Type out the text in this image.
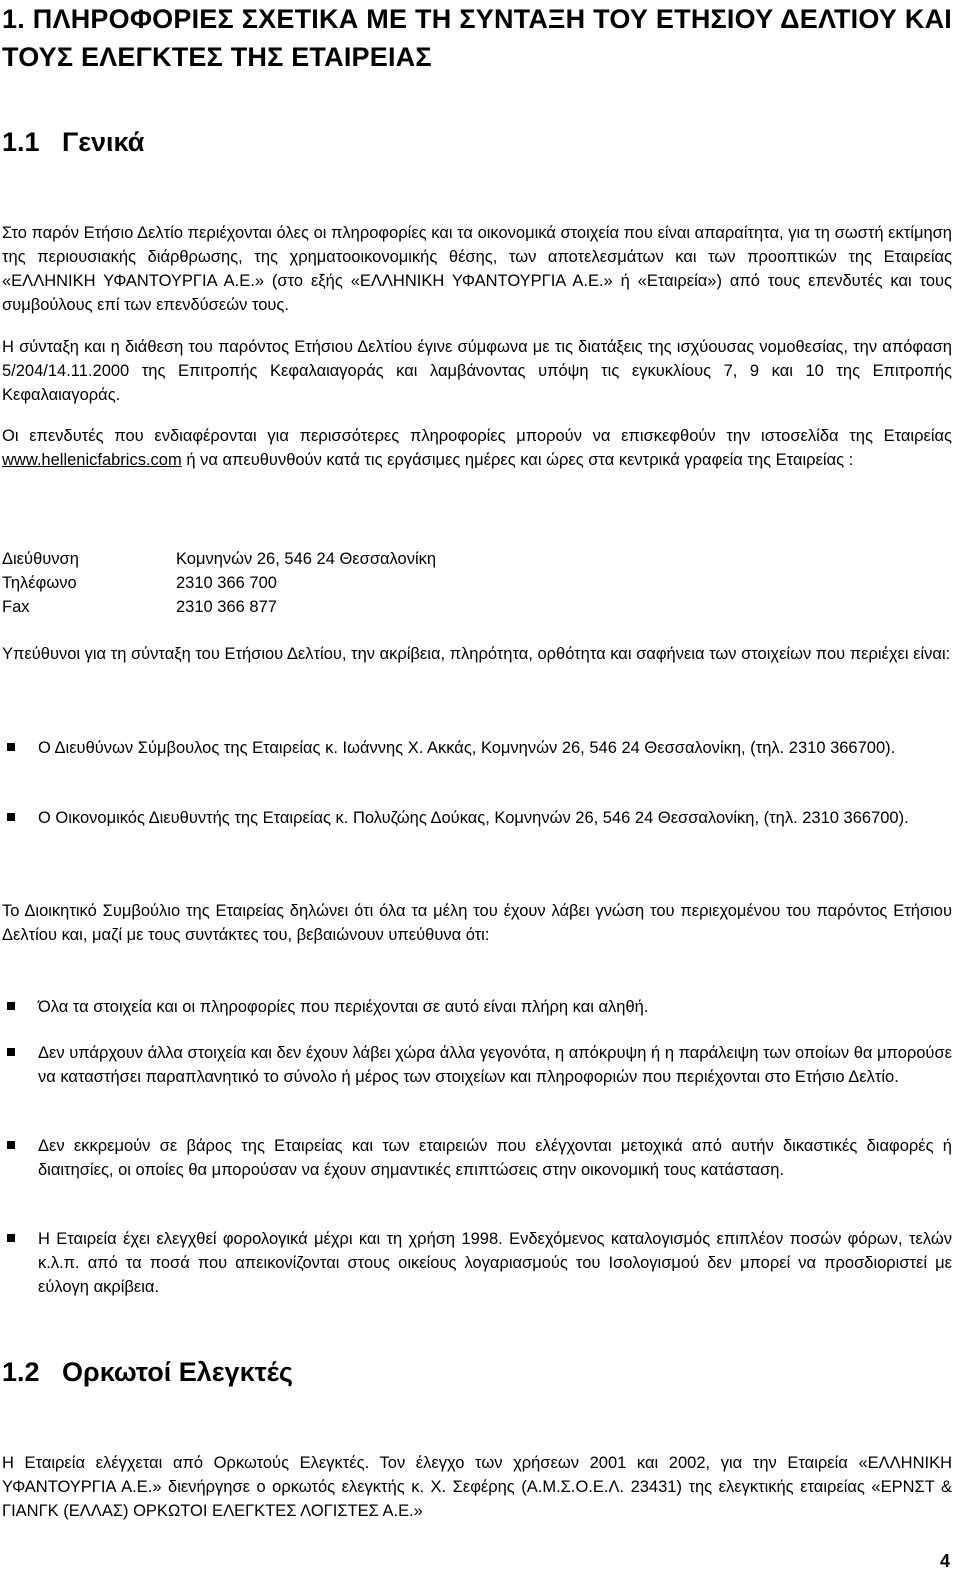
1. ΠΛΗΡΟΦΟΡΙΕΣ ΣΧΕΤΙΚΑ ΜΕ ΤΗ ΣΥΝΤΑΞΗ ΤΟΥ ΕΤΗΣΙΟΥ ΔΕΛΤΙΟΥ ΚΑΙ ΤΟΥΣ ΕΛΕΓΚΤΕΣ ΤΗΣ ΕΤΑΙΡΕΙΑΣ
1.1 Γενικά

Στο παρόν Ετήσιο Δελτίο περιέχονται όλες οι πληροφορίες και τα οικονομικά στοιχεία που είναι απαραίτητα, για τη σωστή εκτίμηση της περιουσιακής διάρθρωσης, της χρηματοοικονομικής θέσης, των αποτελεσμάτων και των προοπτικών της Εταιρείας «ΕΛΛΗΝΙΚΗ ΥΦΑΝΤΟΥΡΓΙΑ Α.Ε.» (στο εξής «ΕΛΛΗΝΙΚΗ ΥΦΑΝΤΟΥΡΓΙΑ Α.Ε.» ή «Εταιρεία») από τους επενδυτές και τους συμβούλους επί των επενδύσεών τους.

Η σύνταξη και η διάθεση του παρόντος Ετήσιου Δελτίου έγινε σύμφωνα με τις διατάξεις της ισχύουσας νομοθεσίας, την απόφαση 5/204/14.11.2000 της Επιτροπής Κεφαλαιαγοράς και λαμβάνοντας υπόψη τις εγκυκλίους 7, 9 και 10 της Επιτροπής Κεφαλαιαγοράς.

Οι επενδυτές που ενδιαφέρονται για περισσότερες πληροφορίες μπορούν να επισκεφθούν την ιστοσελίδα της Εταιρείας www.hellenicfabrics.com ή να απευθυνθούν κατά τις εργάσιμες ημέρες και ώρες στα κεντρικά γραφεία της Εταιρείας :

Διεύθυνση	Κομνηνών 26, 546 24 Θεσσαλονίκη
Τηλέφωνο	2310 366 700
Fax	2310 366 877

Υπεύθυνοι για τη σύνταξη του Ετήσιου Δελτίου, την ακρίβεια, πληρότητα, ορθότητα και σαφήνεια των στοιχείων που περιέχει είναι:

Ο Διευθύνων Σύμβουλος της Εταιρείας κ. Ιωάννης Χ. Ακκάς, Κομνηνών 26, 546 24 Θεσσαλονίκη, (τηλ. 2310 366700).
Ο Οικονομικός Διευθυντής της Εταιρείας κ. Πολυζώης Δούκας, Κομνηνών 26, 546 24 Θεσσαλονίκη, (τηλ. 2310 366700).

Το Διοικητικό Συμβούλιο της Εταιρείας δηλώνει ότι όλα τα μέλη του έχουν λάβει γνώση του περιεχομένου του παρόντος Ετήσιου Δελτίου και, μαζί με τους συντάκτες του, βεβαιώνουν υπεύθυνα ότι:

Όλα τα στοιχεία και οι πληροφορίες που περιέχονται σε αυτό είναι πλήρη και αληθή.
Δεν υπάρχουν άλλα στοιχεία και δεν έχουν λάβει χώρα άλλα γεγονότα, η απόκρυψη ή η παράλειψη των οποίων θα μπορούσε να καταστήσει παραπλανητικό το σύνολο ή μέρος των στοιχείων και πληροφοριών που περιέχονται στο Ετήσιο Δελτίο.
Δεν εκκρεμούν σε βάρος της Εταιρείας και των εταιρειών που ελέγχονται μετοχικά από αυτήν δικαστικές διαφορές ή διαιτησίες, οι οποίες θα μπορούσαν να έχουν σημαντικές επιπτώσεις στην οικονομική τους κατάσταση.
Η Εταιρεία έχει ελεγχθεί φορολογικά μέχρι και τη χρήση 1998. Ενδεχόμενος καταλογισμός επιπλέον ποσών φόρων, τελών κ.λ.π. από τα ποσά που απεικονίζονται στους οικείους λογαριασμούς του Ισολογισμού δεν μπορεί να προσδιοριστεί με εύλογη ακρίβεια.
1.2 Ορκωτοί Ελεγκτές

Η Εταιρεία ελέγχεται από Ορκωτούς Ελεγκτές. Τον έλεγχο των χρήσεων 2001 και 2002, για την Εταιρεία «ΕΛΛΗΝΙΚΗ ΥΦΑΝΤΟΥΡΓΙΑ Α.Ε.» διενήργησε ο ορκωτός ελεγκτής κ. Χ. Σεφέρης (Α.Μ.Σ.Ο.Ε.Λ. 23431) της ελεγκτικής εταιρείας «ΕΡΝΣΤ & ΓΙΑΝΓΚ (ΕΛΛΑΣ) ΟΡΚΩΤΟΙ ΕΛΕΓΚΤΕΣ ΛΟΓΙΣΤΕΣ Α.Ε.»

4
